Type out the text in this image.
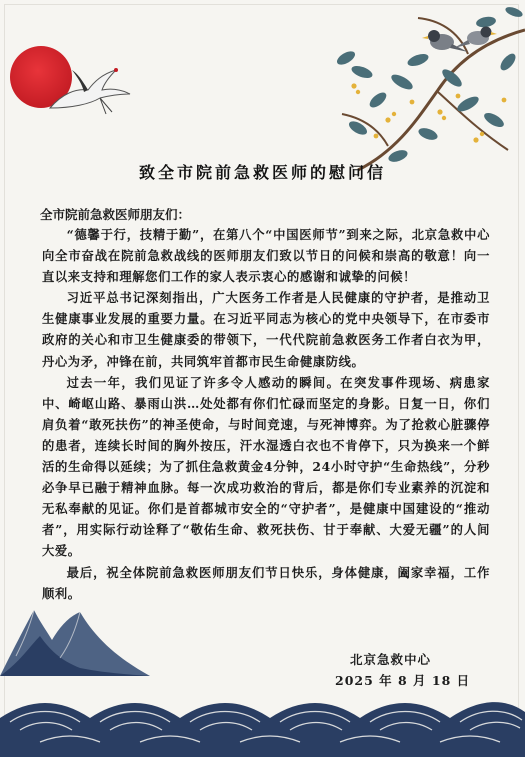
致全市院前急救医师的慰问信
全市院前急救医师朋友们：

“德馨于行，技精于勤”，在第八个“中国医师节”到来之际，北京急救中心向全市奋战在院前急救战线的医师朋友们致以节日的问候和崇高的敬意！向一直以来支持和理解您们工作的家人表示衷心的感谢和诚挚的问候！

习近平总书记深刻指出，广大医务工作者是人民健康的守护者，是推动卫生健康事业发展的重要力量。在习近平同志为核心的党中央领导下，在市委市政府的关心和市卫生健康委的带领下，一代代院前急救医务工作者白衣为甲，丹心为矛，冲锋在前，共同筑牢首都市民生命健康防线。

过去一年，我们见证了许多令人感动的瞬间。在突发事件现场、病患家中、崎岖山路、暴雨山洪…处处都有你们忙碌而坚定的身影。日复一日，你们肩负着“敢死扶伤”的神圣使命，与时间竞速，与死神博弈。为了抢救心脏骤停的患者，连续长时间的胸外按压，汗水湿透白衣也不肯停下，只为换来一个鲜活的生命得以延续；为了抓住急救黄金4分钟，24小时守护“生命热线”，分秒必争早已融于精神血脉。每一次成功救治的背后，都是你们专业素养的沉淀和无私奉献的见证。你们是首都城市安全的“守护者”，是健康中国建设的“推动者”，用实际行动诠释了“敬佑生命、救死扶伤、甘于奉献、大爱无疆”的人间大爱。

最后，祝全体院前急救医师朋友们节日快乐，身体健康，阖家幸福，工作顺利。

北京急救中心
2025 年 8 月 18 日
